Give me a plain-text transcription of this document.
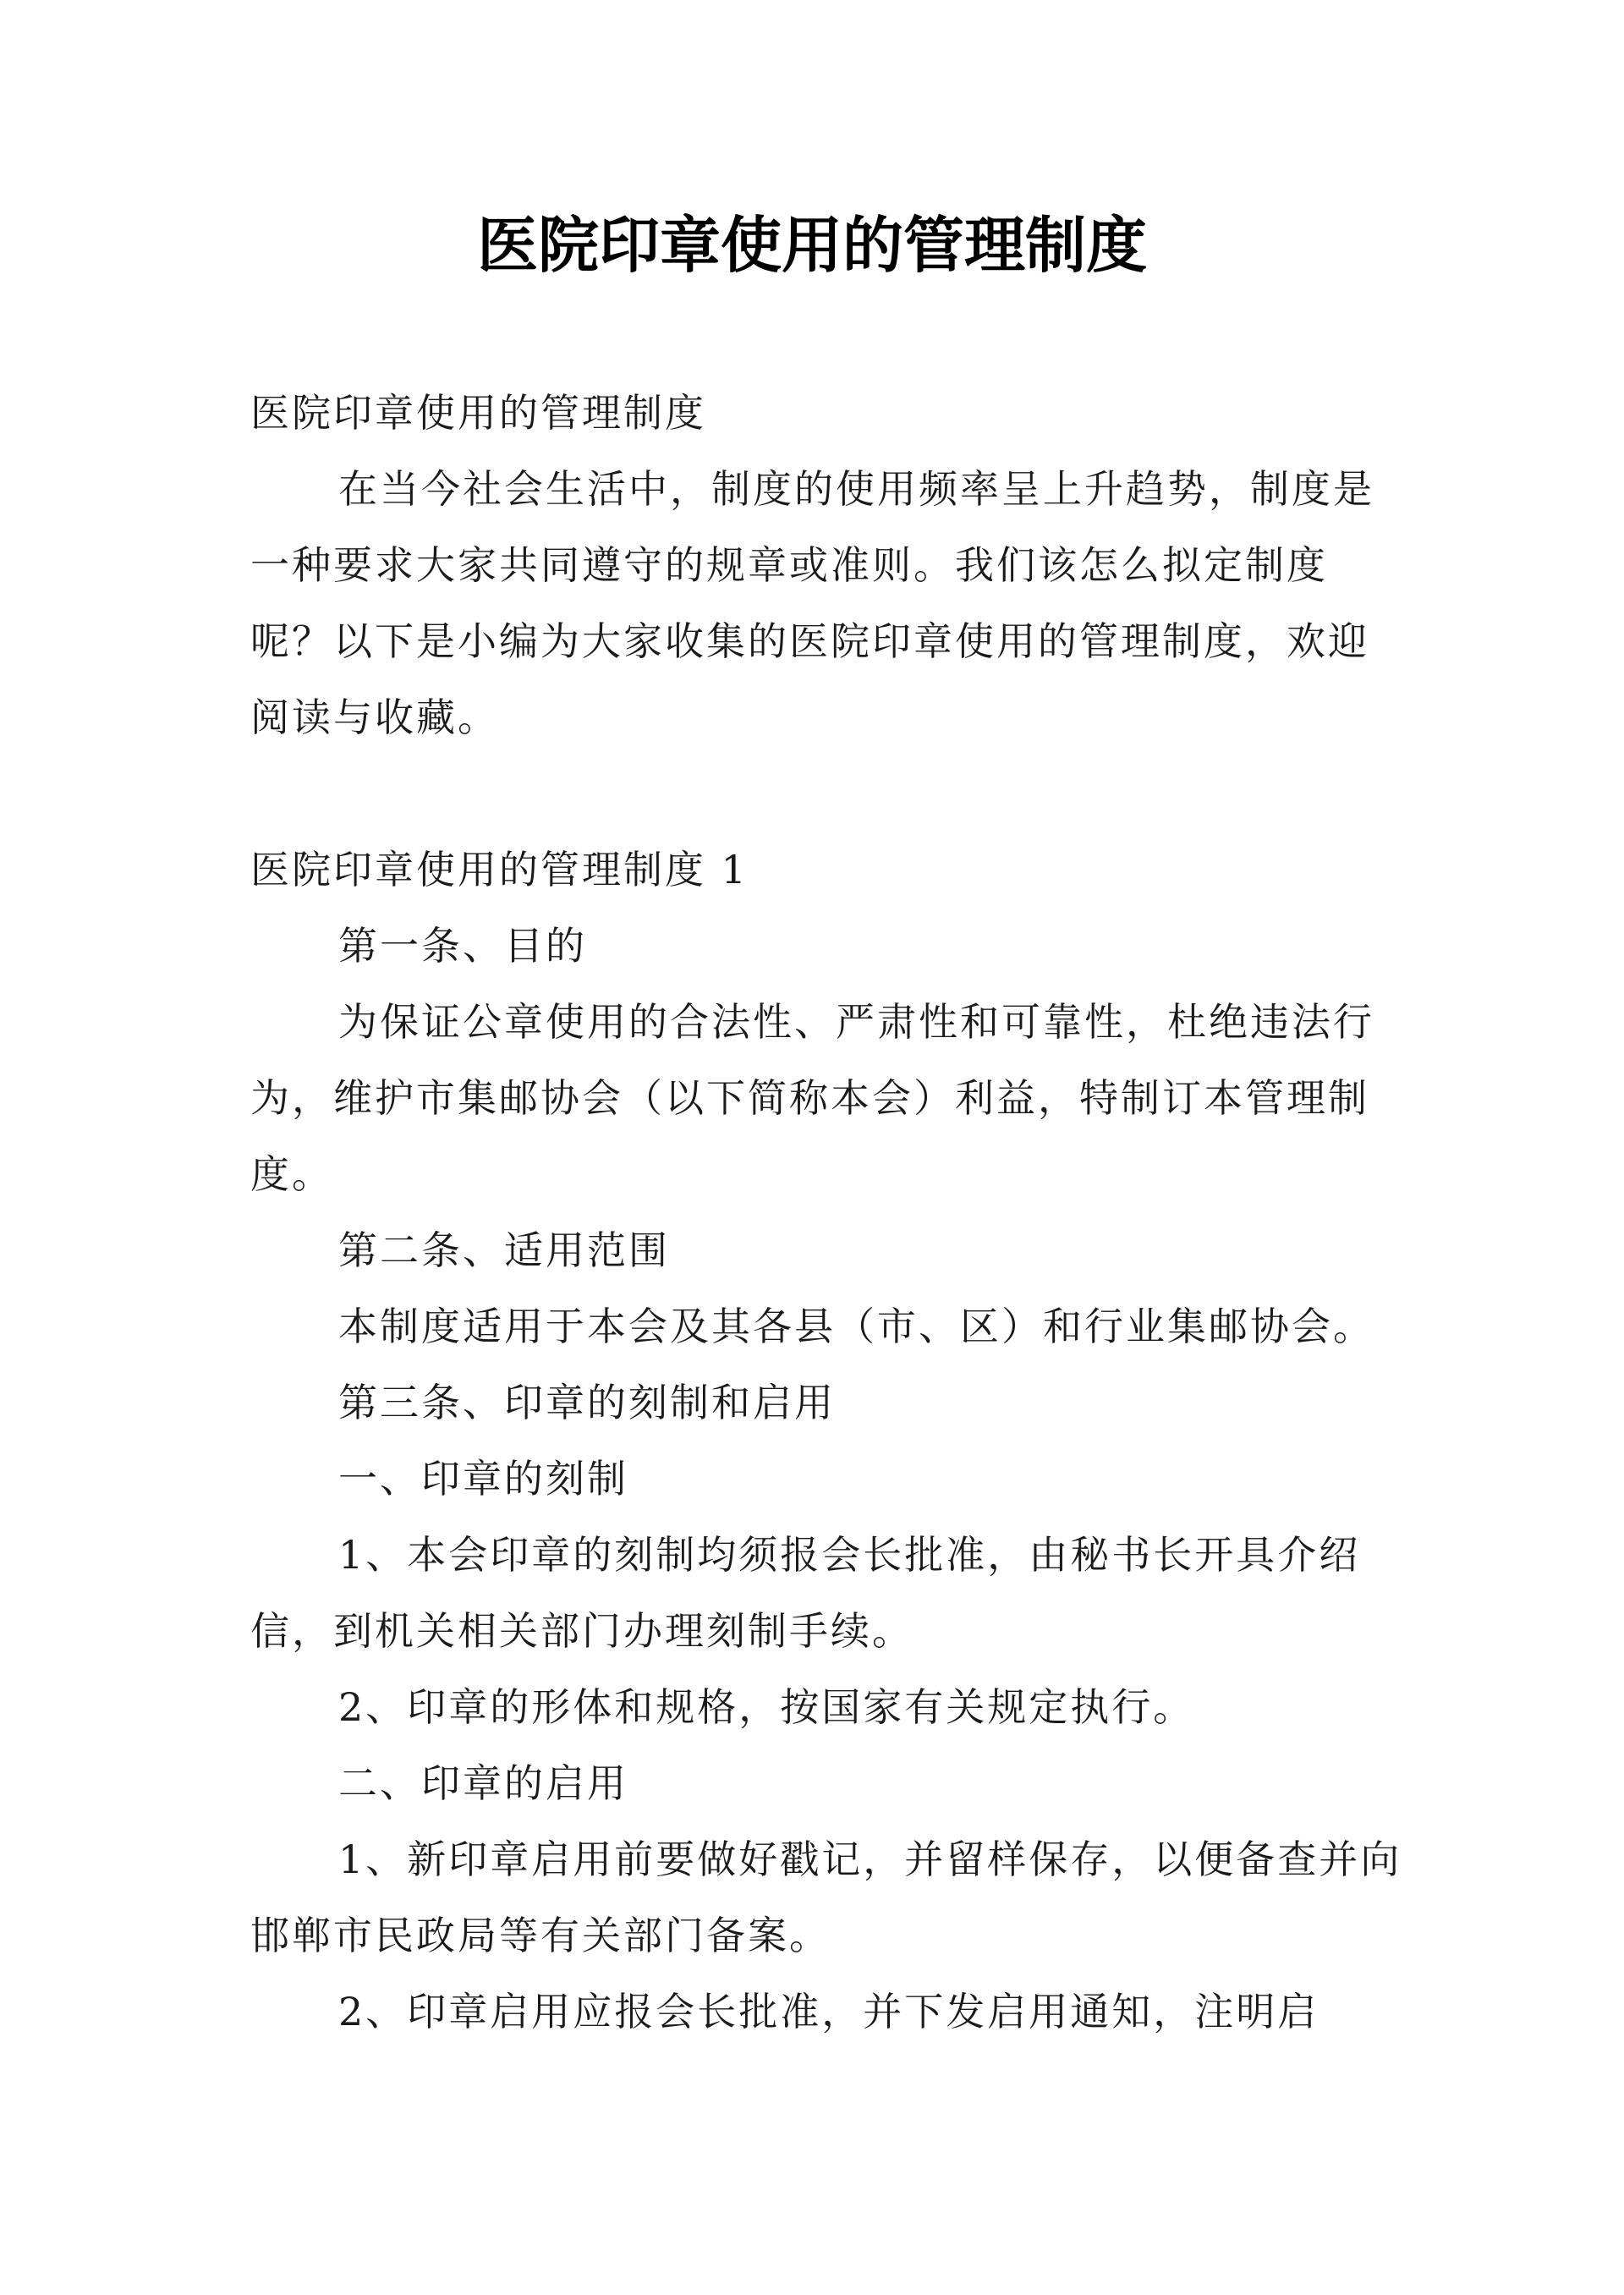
医院印章使用的管理制度

医院印章使用的管理制度

在当今社会生活中，制度的使用频率呈上升趋势，制度是一种要求大家共同遵守的规章或准则。我们该怎么拟定制度呢？以下是小编为大家收集的医院印章使用的管理制度，欢迎阅读与收藏。

医院印章使用的管理制度 1

第一条、目的

为保证公章使用的合法性、严肃性和可靠性，杜绝违法行为，维护市集邮协会（以下简称本会）利益，特制订本管理制度。

第二条、适用范围

本制度适用于本会及其各县（市、区）和行业集邮协会。

第三条、印章的刻制和启用

一、印章的刻制

1、本会印章的刻制均须报会长批准，由秘书长开具介绍信，到机关相关部门办理刻制手续。

2、印章的形体和规格，按国家有关规定执行。

二、印章的启用

1、新印章启用前要做好戳记，并留样保存，以便备查并向邯郸市民政局等有关部门备案。

2、印章启用应报会长批准，并下发启用通知，注明启
